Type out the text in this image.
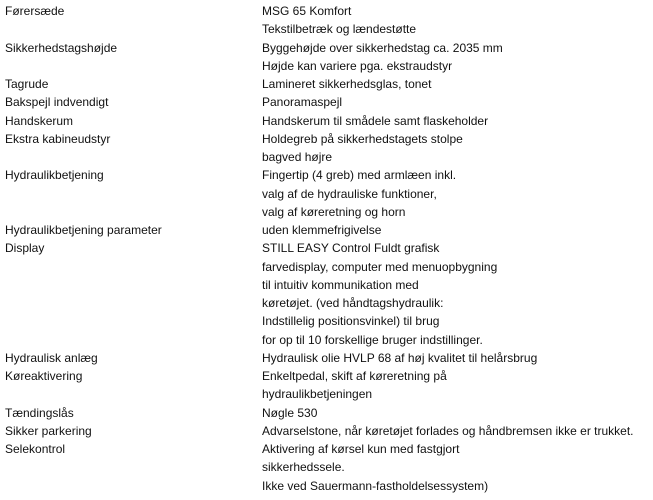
Førersæde	MSG 65 Komfort
Tekstilbetræk og lændestøtte
Sikkerhedstagshøjde	Byggehøjde over sikkerhedstag ca. 2035 mm
Højde kan variere pga. ekstraudstyr
Tagrude	Lamineret sikkerhedsglas, tonet
Bakspejl indvendigt	Panoramaspejl
Handskerum	Handskerum til smådele samt flaskeholder
Ekstra kabineudstyr	Holdegreb på sikkerhedstagets stolpe
bagved højre
Hydraulikbetjening	Fingertip (4 greb) med armlæen inkl.
valg af de hydrauliske funktioner,
valg af køreretning og horn
Hydraulikbetjening parameter	uden klemmefrigivelse
Display	STILL EASY Control Fuldt grafisk
farvedisplay, computer med menuopbygning
til intuitiv kommunikation med
køretøjet. (ved håndtagshydraulik:
Indstillelig positionsvinkel) til brug
for op til 10 forskellige bruger indstillinger.
Hydraulisk anlæg	Hydraulisk olie HVLP 68 af høj kvalitet til helårsbrug
Køreaktivering	Enkeltpedal, skift af køreretning på
hydraulikbetjeningen
Tændingslås	Nøgle 530
Sikker parkering	Advarselstone, når køretøjet forlades og håndbremsen ikke er trukket.
Selekontrol	Aktivering af kørsel kun med fastgjort
sikkerhedssele.
Ikke ved Sauermann-fastholdelsessystem)
